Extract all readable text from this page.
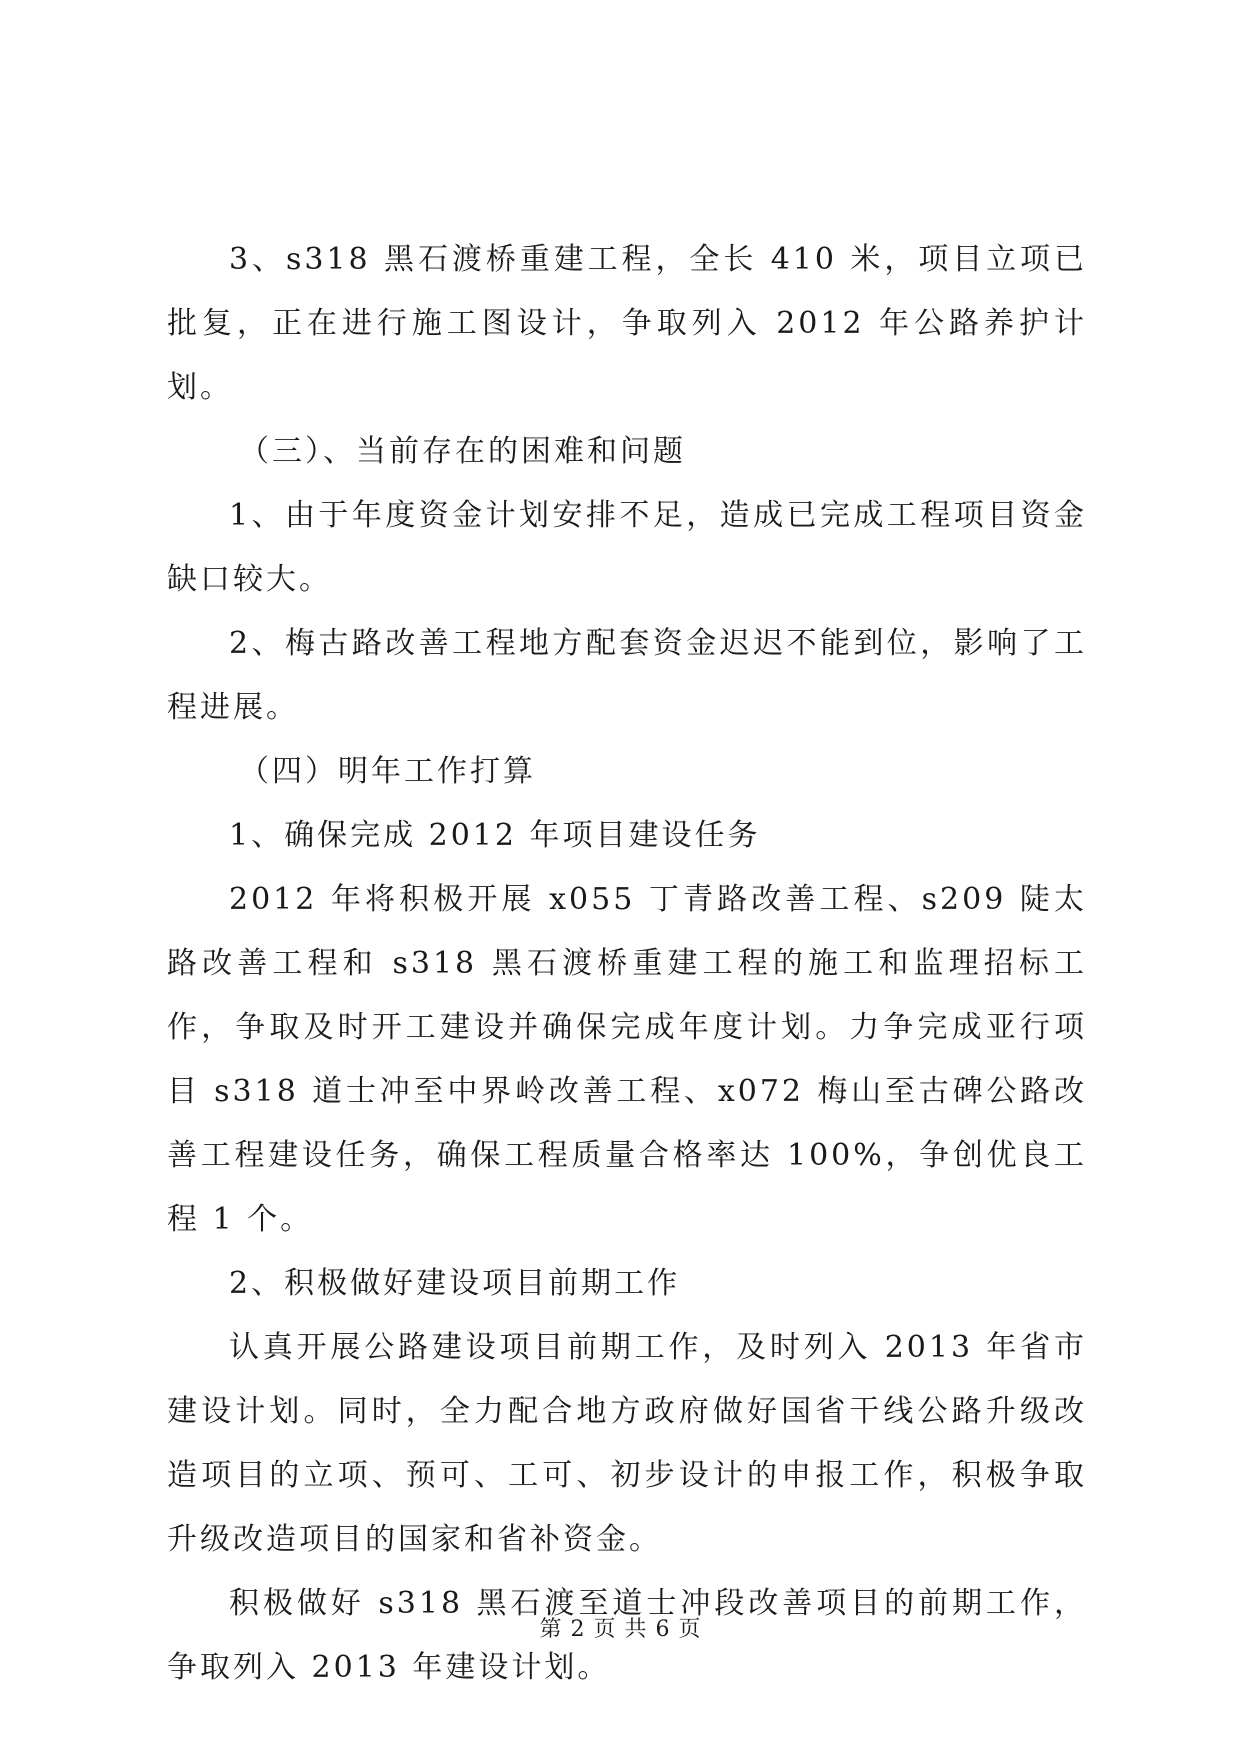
3、s318 黑石渡桥重建工程，全长 410 米，项目立项已批复，正在进行施工图设计，争取列入 2012 年公路养护计划。

（三）、当前存在的困难和问题

1、由于年度资金计划安排不足，造成已完成工程项目资金缺口较大。

2、梅古路改善工程地方配套资金迟迟不能到位，影响了工程进展。

（四）明年工作打算

1、确保完成 2012 年项目建设任务

2012 年将积极开展 x055 丁青路改善工程、s209 陡太路改善工程和 s318 黑石渡桥重建工程的施工和监理招标工作，争取及时开工建设并确保完成年度计划。力争完成亚行项目 s318 道士冲至中界岭改善工程、x072 梅山至古碑公路改善工程建设任务，确保工程质量合格率达 100%，争创优良工程 1 个。

2、积极做好建设项目前期工作

认真开展公路建设项目前期工作，及时列入 2013 年省市建设计划。同时，全力配合地方政府做好国省干线公路升级改造项目的立项、预可、工可、初步设计的申报工作，积极争取升级改造项目的国家和省补资金。

积极做好 s318 黑石渡至道士冲段改善项目的前期工作，争取列入 2013 年建设计划。

第 2 页 共 6 页
